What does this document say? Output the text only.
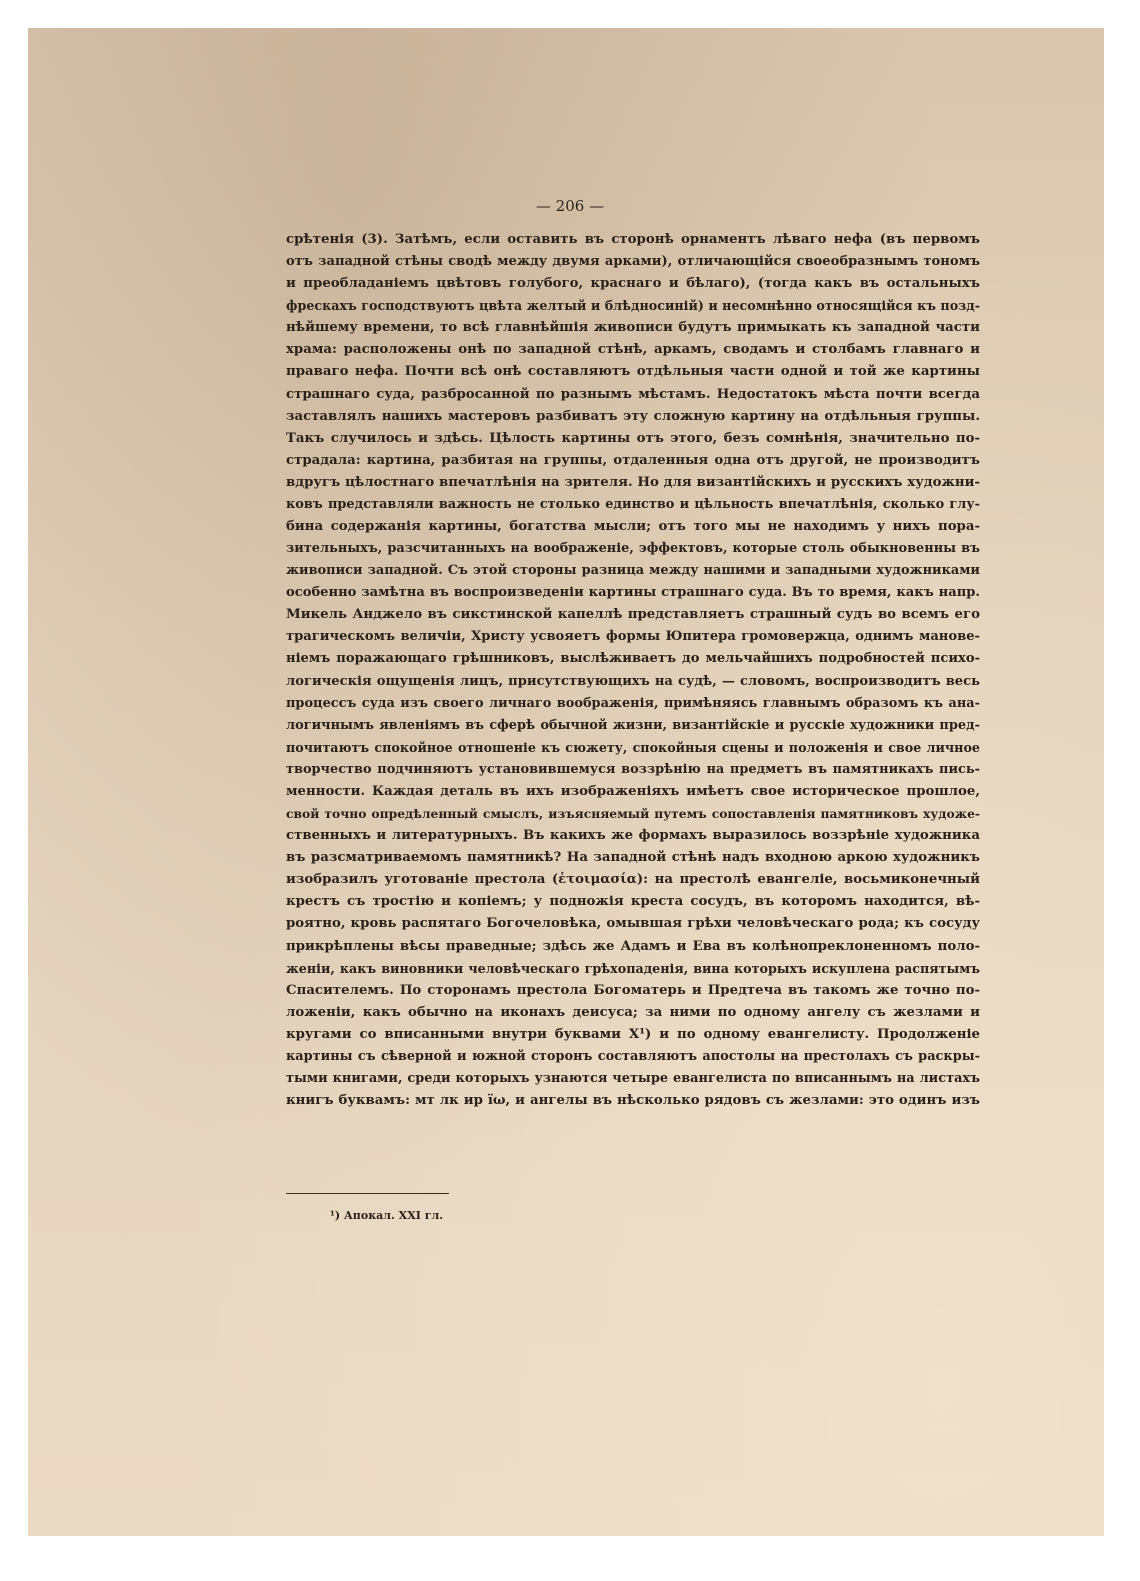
— 206 —
срѣтенія (3). Затѣмъ, если оставить въ сторонѣ орнаментъ лѣваго нефа (въ первомъ
отъ западной стѣны сводѣ между двумя арками), отличающійся своеобразнымъ тономъ
и преобладаніемъ цвѣтовъ голубого, краснаго и бѣлаго), (тогда какъ въ остальныхъ
фрескахъ господствуютъ цвѣта желтый и блѣдносиній) и несомнѣнно относящійся къ позд-
нѣйшему времени, то всѣ главнѣйшія живописи будутъ примыкать къ западной части
храма: расположены онѣ по западной стѣнѣ, аркамъ, сводамъ и столбамъ главнаго и
праваго нефа. Почти всѣ онѣ составляютъ отдѣльныя части одной и той же картины
страшнаго суда, разбросанной по разнымъ мѣстамъ. Недостатокъ мѣста почти всегда
заставлялъ нашихъ мастеровъ разбиватъ эту сложную картину на отдѣльныя группы.
Такъ случилось и здѣсь. Цѣлость картины отъ этого, безъ сомнѣнія, значительно по-
страдала: картина, разбитая на группы, отдаленныя одна отъ другой, не производитъ
вдругъ цѣлостнаго впечатлѣнія на зрителя. Но для византійскихъ и русскихъ художни-
ковъ представляли важность не столько единство и цѣльность впечатлѣнія, сколько глу-
бина содержанія картины, богатства мысли; отъ того мы не находимъ у нихъ пора-
зительныхъ, разсчитанныхъ на воображеніе, эффектовъ, которые столь обыкновенны въ
живописи западной. Съ этой стороны разница между нашими и западными художниками
особенно замѣтна въ воспроизведеніи картины страшнаго суда. Въ то время, какъ напр.
Микель Анджело въ сикстинской капеллѣ представляетъ страшный судъ во всемъ его
трагическомъ величіи, Христу усвояетъ формы Юпитера громовержца, однимъ манове-
ніемъ поражающаго грѣшниковъ, выслѣживаетъ до мельчайшихъ подробностей психо-
логическія ощущенія лицъ, присутствующихъ на судѣ, — словомъ, воспроизводитъ весь
процессъ суда изъ своего личнаго воображенія, примѣняясь главнымъ образомъ къ ана-
логичнымъ явленіямъ въ сферѣ обычной жизни, византійскіе и русскіе художники пред-
почитаютъ спокойное отношеніе къ сюжету, спокойныя сцены и положенія и свое личное
творчество подчиняютъ установившемуся воззрѣнію на предметъ въ памятникахъ пись-
менности. Каждая деталь въ ихъ изображеніяхъ имѣетъ свое историческое прошлое,
свой точно опредѣленный смыслъ, изъясняемый путемъ сопоставленія памятниковъ художе-
ственныхъ и литературныхъ. Въ какихъ же формахъ выразилось воззрѣніе художника
въ разсматриваемомъ памятникѣ? На западной стѣнѣ надъ входною аркою художникъ
изобразилъ уготованіе престола (ἑτοιμασία): на престолѣ евангеліе, восьмиконечный
крестъ съ тростію и копіемъ; у подножія креста сосудъ, въ которомъ находится, вѣ-
роятно, кровь распятаго Богочеловѣка, омывшая грѣхи человѣческаго рода; къ сосуду
прикрѣплены вѣсы праведные; здѣсь же Адамъ и Ева въ колѣнопреклоненномъ поло-
женіи, какъ виновники человѣческаго грѣхопаденія, вина которыхъ искуплена распятымъ
Спасителемъ. По сторонамъ престола Богоматерь и Предтеча въ такомъ же точно по-
ложеніи, какъ обычно на иконахъ деисуса; за ними по одному ангелу съ жезлами и
кругами со вписанными внутри буквами X¹) и по одному евангелисту. Продолженіе
картины съ сѣверной и южной сторонъ составляютъ апостолы на престолахъ съ раскры-
тыми книгами, среди которыхъ узнаются четыре евангелиста по вписаннымъ на листахъ
книгъ буквамъ: мт лк ир їω, и ангелы въ нѣсколько рядовъ съ жезлами: это одинъ изъ
¹) Апокал. XXI гл.
